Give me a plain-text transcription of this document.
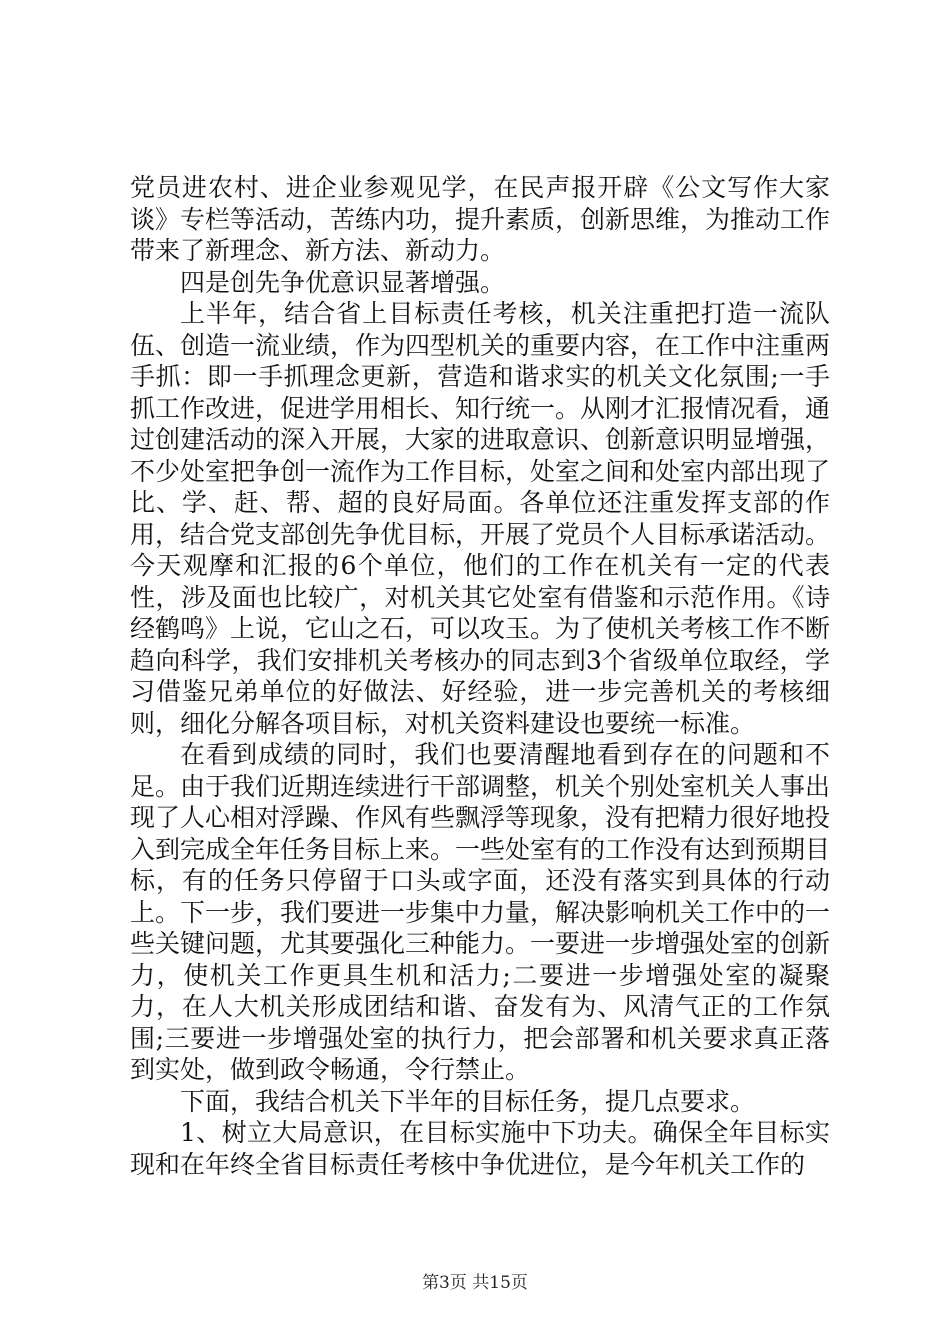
党员进农村、进企业参观见学，在民声报开辟《公文写作大家谈》专栏等活动，苦练内功，提升素质，创新思维，为推动工作带来了新理念、新方法、新动力。

四是创先争优意识显著增强。

上半年，结合省上目标责任考核，机关注重把打造一流队伍、创造一流业绩，作为四型机关的重要内容，在工作中注重两手抓：即一手抓理念更新，营造和谐求实的机关文化氛围;一手抓工作改进，促进学用相长、知行统一。从刚才汇报情况看，通过创建活动的深入开展，大家的进取意识、创新意识明显增强，不少处室把争创一流作为工作目标，处室之间和处室内部出现了比、学、赶、帮、超的良好局面。各单位还注重发挥支部的作用，结合党支部创先争优目标，开展了党员个人目标承诺活动。今天观摩和汇报的6个单位，他们的工作在机关有一定的代表性，涉及面也比较广，对机关其它处室有借鉴和示范作用。《诗经鹤鸣》上说，它山之石，可以攻玉。为了使机关考核工作不断趋向科学，我们安排机关考核办的同志到3个省级单位取经，学习借鉴兄弟单位的好做法、好经验，进一步完善机关的考核细则，细化分解各项目标，对机关资料建设也要统一标准。

在看到成绩的同时，我们也要清醒地看到存在的问题和不足。由于我们近期连续进行干部调整，机关个别处室机关人事出现了人心相对浮躁、作风有些飘浮等现象，没有把精力很好地投入到完成全年任务目标上来。一些处室有的工作没有达到预期目标，有的任务只停留于口头或字面，还没有落实到具体的行动上。下一步，我们要进一步集中力量，解决影响机关工作中的一些关键问题，尤其要强化三种能力。一要进一步增强处室的创新力，使机关工作更具生机和活力;二要进一步增强处室的凝聚力，在人大机关形成团结和谐、奋发有为、风清气正的工作氛围;三要进一步增强处室的执行力，把会部署和机关要求真正落到实处，做到政令畅通，令行禁止。

下面，我结合机关下半年的目标任务，提几点要求。

1、树立大局意识，在目标实施中下功夫。确保全年目标实现和在年终全省目标责任考核中争优进位，是今年机关工作的

第3页 共15页
